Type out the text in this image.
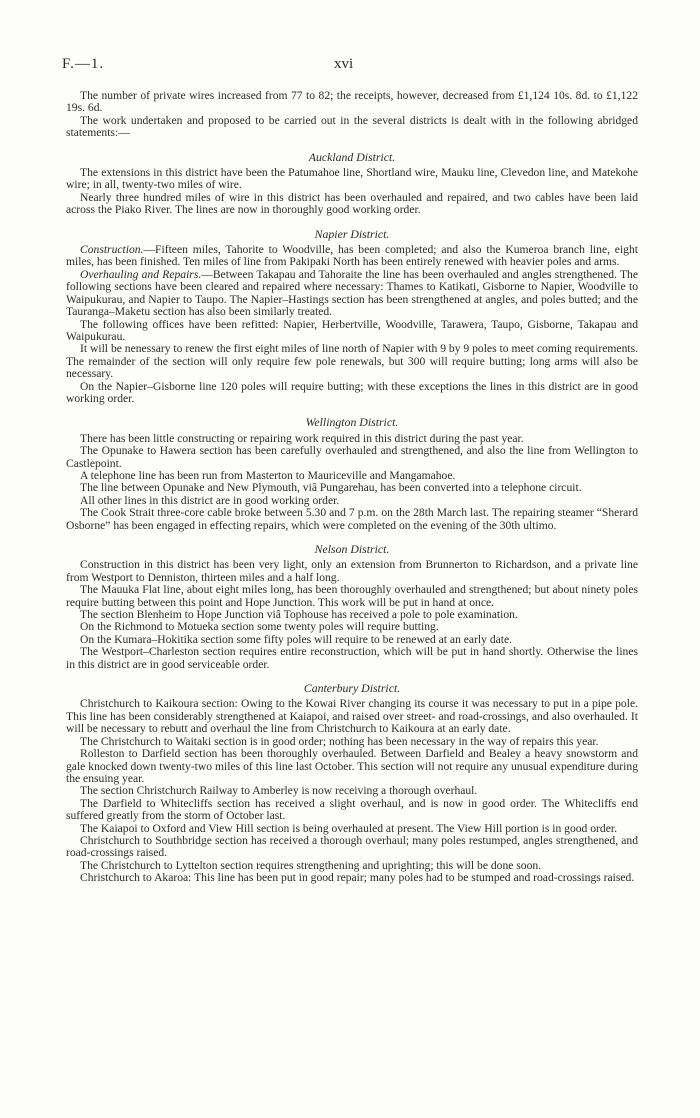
F.—1.	xvi

The number of private wires increased from 77 to 82; the receipts, however, decreased from £1,124 10s. 8d. to £1,122 19s. 6d.

The work undertaken and proposed to be carried out in the several districts is dealt with in the following abridged statements:—

Auckland District.

The extensions in this district have been the Patumahoe line, Shortland wire, Mauku line, Clevedon line, and Matekohe wire; in all, twenty-two miles of wire.

Nearly three hundred miles of wire in this district has been overhauled and repaired, and two cables have been laid across the Piako River. The lines are now in thoroughly good working order.

Napier District.

Construction.—Fifteen miles, Tahorite to Woodville, has been completed; and also the Kumeroa branch line, eight miles, has been finished. Ten miles of line from Pakipaki North has been entirely renewed with heavier poles and arms.

Overhauling and Repairs.—Between Takapau and Tahoraite the line has been overhauled and angles strengthened. The following sections have been cleared and repaired where necessary: Thames to Katikati, Gisborne to Napier, Woodville to Waipukurau, and Napier to Taupo. The Napier–Hastings section has been strengthened at angles, and poles butted; and the Tauranga–Maketu section has also been similarly treated.

The following offices have been refitted: Napier, Herbertville, Woodville, Tarawera, Taupo, Gisborne, Takapau and Waipukurau.

It will be nenessary to renew the first eight miles of line north of Napier with 9 by 9 poles to meet coming requirements. The remainder of the section will only require few pole renewals, but 300 will require butting; long arms will also be necessary.

On the Napier–Gisborne line 120 poles will require butting; with these exceptions the lines in this district are in good working order.

Wellington District.

There has been little constructing or repairing work required in this district during the past year.

The Opunake to Hawera section has been carefully overhauled and strengthened, and also the line from Wellington to Castlepoint.

A telephone line has been run from Masterton to Mauriceville and Mangamahoe.

The line between Opunake and New Plymouth, viâ Pungarehau, has been converted into a telephone circuit.

All other lines in this district are in good working order.

The Cook Strait three-core cable broke between 5.30 and 7 p.m. on the 28th March last. The repairing steamer “Sherard Osborne” has been engaged in effecting repairs, which were completed on the evening of the 30th ultimo.

Nelson District.

Construction in this district has been very light, only an extension from Brunnerton to Richardson, and a private line from Westport to Denniston, thirteen miles and a half long.

The Mauuka Flat line, about eight miles long, has been thoroughly overhauled and strengthened; but about ninety poles require butting between this point and Hope Junction. This work will be put in hand at once.

The section Blenheim to Hope Junction viâ Tophouse has received a pole to pole examination.

On the Richmond to Motueka section some twenty poles will require butting.

On the Kumara–Hokitika section some fifty poles will require to be renewed at an early date.

The Westport–Charleston section requires entire reconstruction, which will be put in hand shortly. Otherwise the lines in this district are in good serviceable order.

Canterbury District.

Christchurch to Kaikoura section: Owing to the Kowai River changing its course it was necessary to put in a pipe pole. This line has been considerably strengthened at Kaiapoi, and raised over street- and road-crossings, and also overhauled. It will be necessary to rebutt and overhaul the line from Christchurch to Kaikoura at an early date.

The Christchurch to Waitaki section is in good order; nothing has been necessary in the way of repairs this year.

Rolleston to Darfield section has been thoroughly overhauled. Between Darfield and Bealey a heavy snowstorm and gale knocked down twenty-two miles of this line last October. This section will not require any unusual expenditure during the ensuing year.

The section Christchurch Railway to Amberley is now receiving a thorough overhaul.

The Darfield to Whitecliffs section has received a slight overhaul, and is now in good order. The Whitecliffs end suffered greatly from the storm of October last.

The Kaiapoi to Oxford and View Hill section is being overhauled at present. The View Hill portion is in good order.

Christchurch to Southbridge section has received a thorough overhaul; many poles restumped, angles strengthened, and road-crossings raised.

The Christchurch to Lyttelton section requires strengthening and uprighting; this will be done soon.

Christchurch to Akaroa: This line has been put in good repair; many poles had to be stumped and road-crossings raised.
